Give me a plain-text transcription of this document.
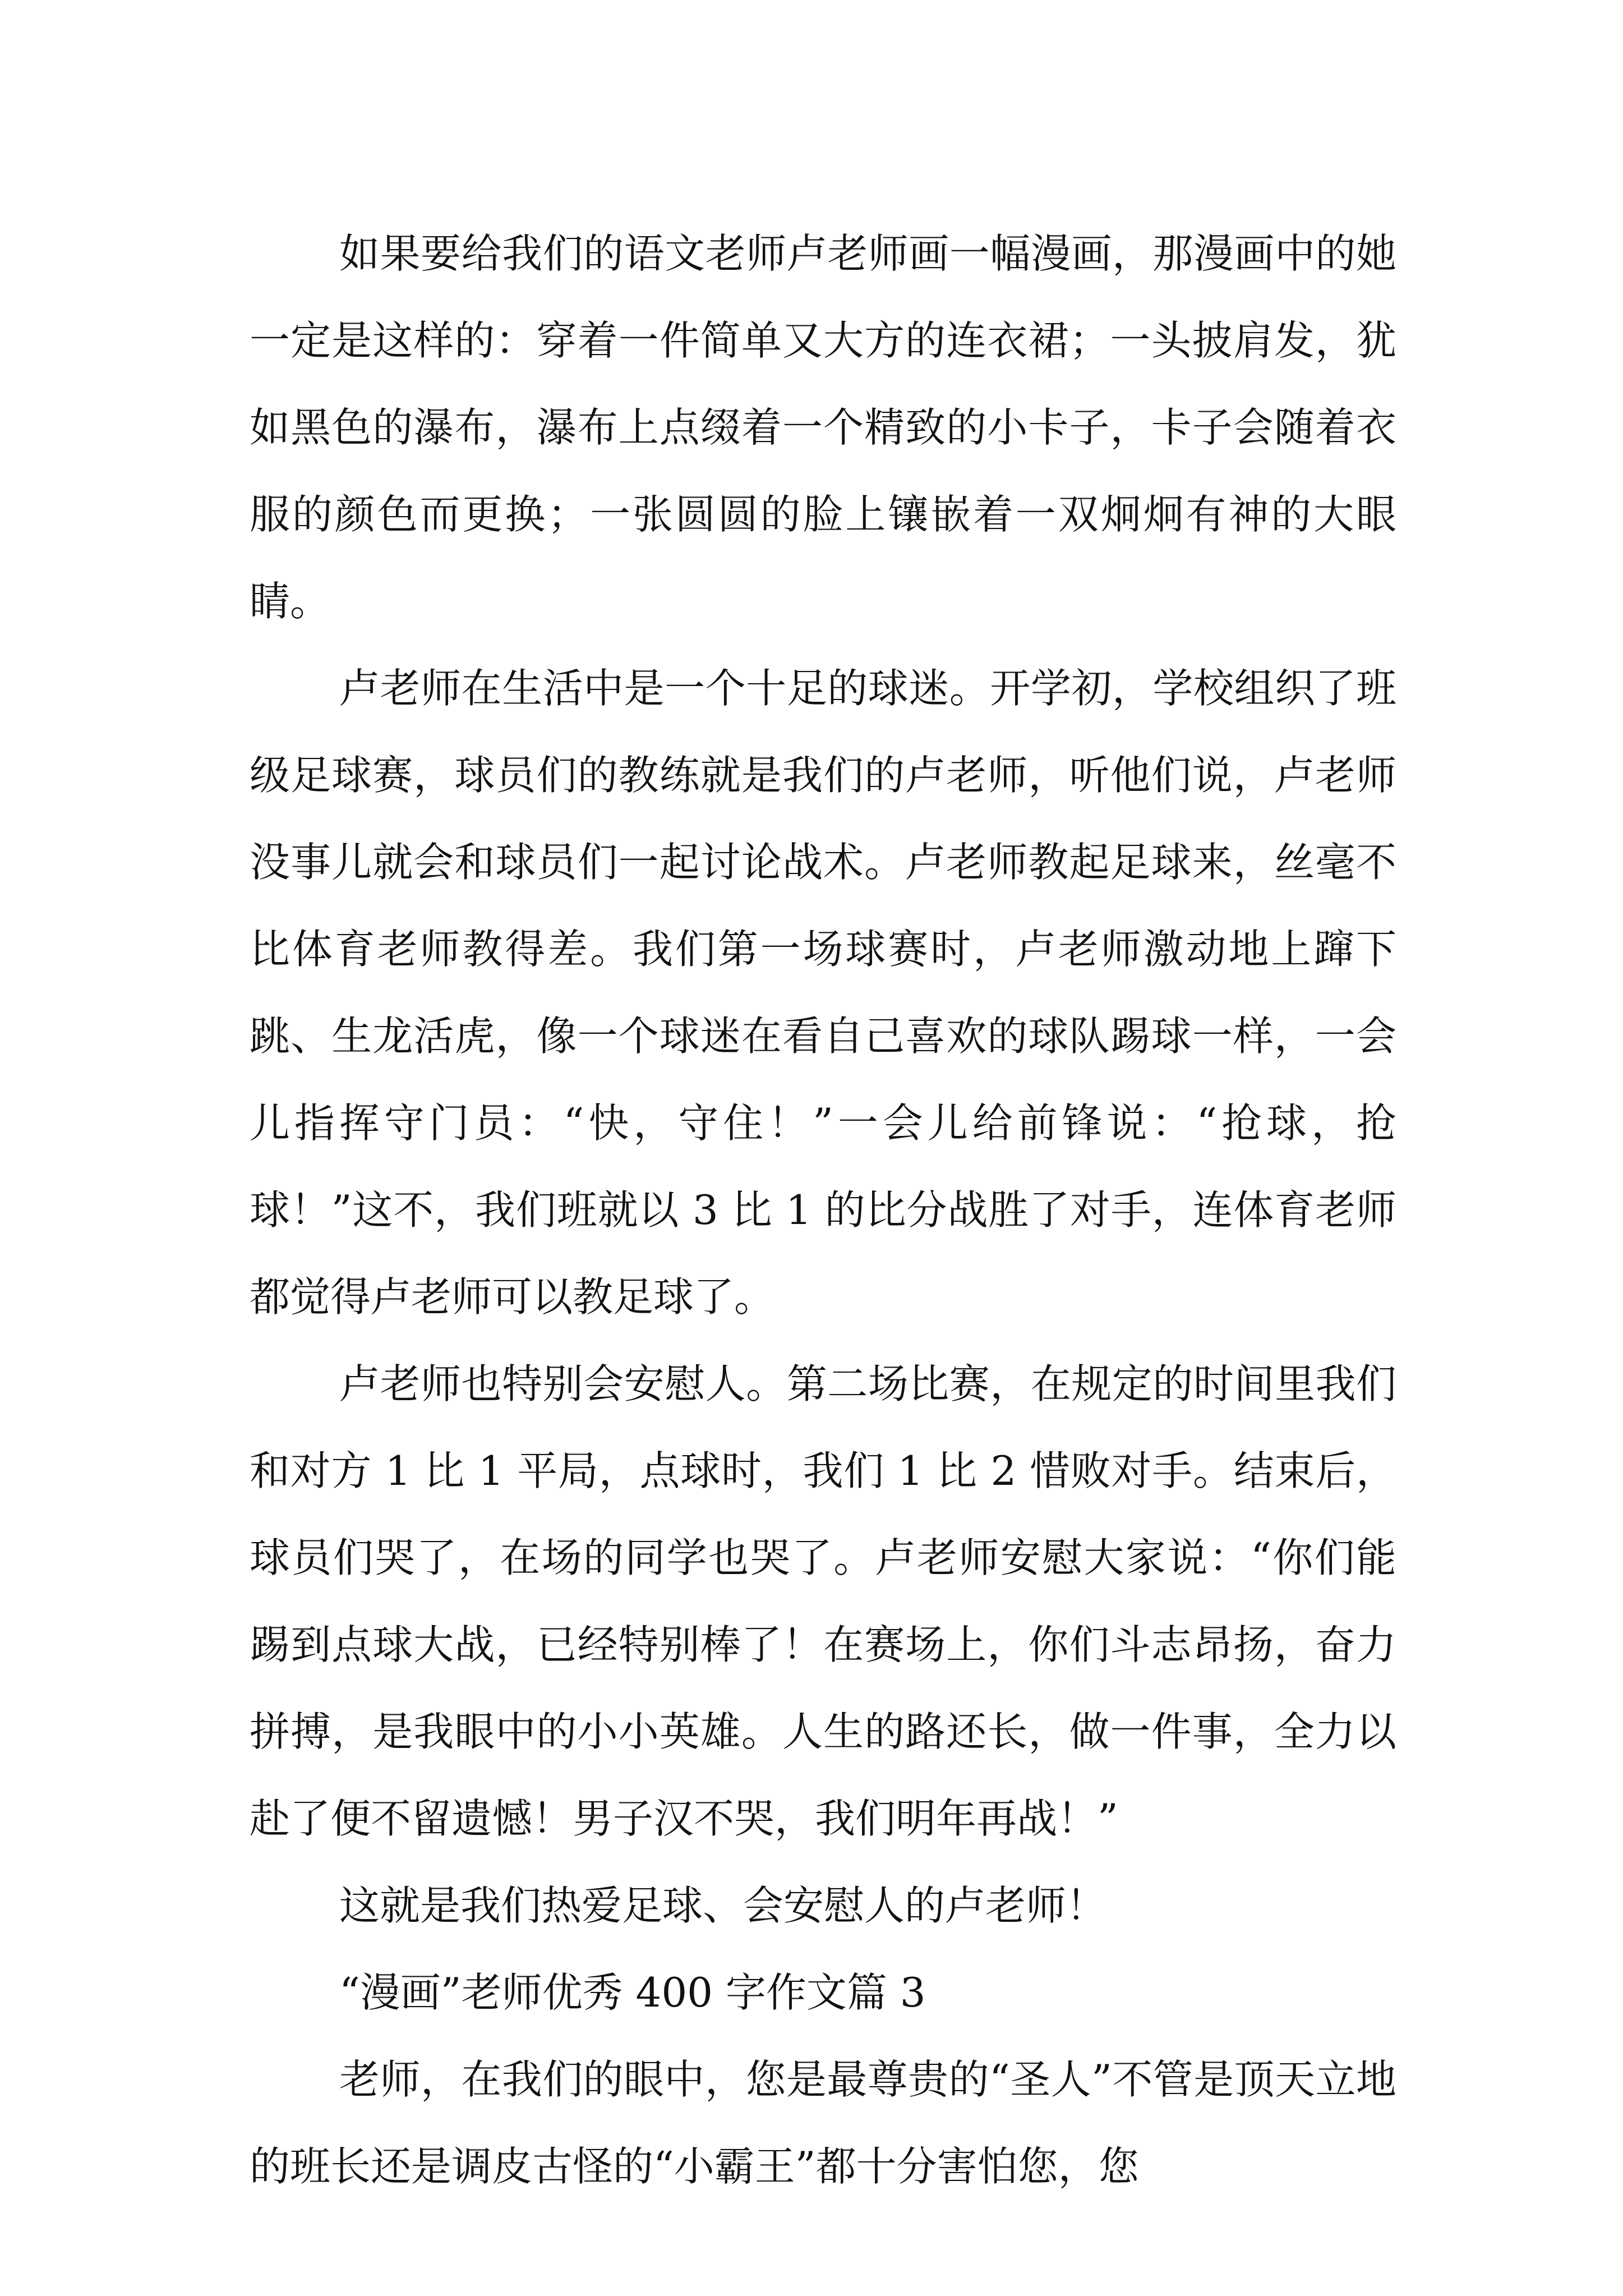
如果要给我们的语文老师卢老师画一幅漫画，那漫画中的她一定是这样的：穿着一件简单又大方的连衣裙；一头披肩发，犹如黑色的瀑布，瀑布上点缀着一个精致的小卡子，卡子会随着衣服的颜色而更换；一张圆圆的脸上镶嵌着一双炯炯有神的大眼睛。

卢老师在生活中是一个十足的球迷。开学初，学校组织了班级足球赛，球员们的教练就是我们的卢老师，听他们说，卢老师没事儿就会和球员们一起讨论战术。卢老师教起足球来，丝毫不比体育老师教得差。我们第一场球赛时，卢老师激动地上蹿下跳、生龙活虎，像一个球迷在看自己喜欢的球队踢球一样，一会儿指挥守门员：“快，守住！”一会儿给前锋说：“抢球，抢球！”这不，我们班就以 3 比 1 的比分战胜了对手，连体育老师都觉得卢老师可以教足球了。

卢老师也特别会安慰人。第二场比赛，在规定的时间里我们和对方 1 比 1 平局，点球时，我们 1 比 2 惜败对手。结束后，球员们哭了，在场的同学也哭了。卢老师安慰大家说：“你们能踢到点球大战，已经特别棒了！在赛场上，你们斗志昂扬，奋力拼搏，是我眼中的小小英雄。人生的路还长，做一件事，全力以赴了便不留遗憾！男子汉不哭，我们明年再战！”

这就是我们热爱足球、会安慰人的卢老师！

“漫画”老师优秀 400 字作文篇 3

老师，在我们的眼中，您是最尊贵的“圣人”不管是顶天立地的班长还是调皮古怪的“小霸王”都十分害怕您，您
